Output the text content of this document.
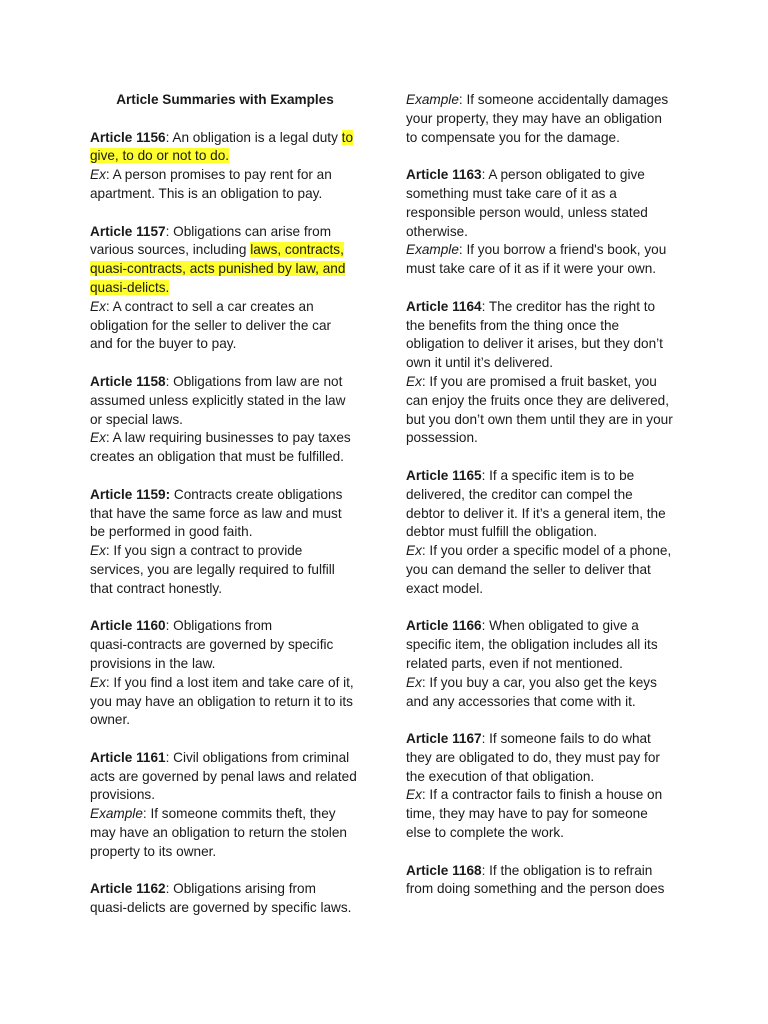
Article Summaries with Examples
Article 1156: An obligation is a legal duty to
give, to do or not to do.
Ex: A person promises to pay rent for an
apartment. This is an obligation to pay.
Article 1157: Obligations can arise from
various sources, including laws, contracts,
quasi-contracts, acts punished by law, and
quasi-delicts.
Ex: A contract to sell a car creates an
obligation for the seller to deliver the car
and for the buyer to pay.
Article 1158: Obligations from law are not
assumed unless explicitly stated in the law
or special laws.
Ex: A law requiring businesses to pay taxes
creates an obligation that must be fulfilled.
Article 1159: Contracts create obligations
that have the same force as law and must
be performed in good faith.
Ex: If you sign a contract to provide
services, you are legally required to fulfill
that contract honestly.
Article 1160: Obligations from
quasi-contracts are governed by specific
provisions in the law.
Ex: If you find a lost item and take care of it,
you may have an obligation to return it to its
owner.
Article 1161: Civil obligations from criminal
acts are governed by penal laws and related
provisions.
Example: If someone commits theft, they
may have an obligation to return the stolen
property to its owner.
Article 1162: Obligations arising from
quasi-delicts are governed by specific laws.
Example: If someone accidentally damages
your property, they may have an obligation
to compensate you for the damage.
Article 1163: A person obligated to give
something must take care of it as a
responsible person would, unless stated
otherwise.
Example: If you borrow a friend's book, you
must take care of it as if it were your own.
Article 1164: The creditor has the right to
the benefits from the thing once the
obligation to deliver it arises, but they don’t
own it until it’s delivered.
Ex: If you are promised a fruit basket, you
can enjoy the fruits once they are delivered,
but you don’t own them until they are in your
possession.
Article 1165: If a specific item is to be
delivered, the creditor can compel the
debtor to deliver it. If it’s a general item, the
debtor must fulfill the obligation.
Ex: If you order a specific model of a phone,
you can demand the seller to deliver that
exact model.
Article 1166: When obligated to give a
specific item, the obligation includes all its
related parts, even if not mentioned.
Ex: If you buy a car, you also get the keys
and any accessories that come with it.
Article 1167: If someone fails to do what
they are obligated to do, they must pay for
the execution of that obligation.
Ex: If a contractor fails to finish a house on
time, they may have to pay for someone
else to complete the work.
Article 1168: If the obligation is to refrain
from doing something and the person does
